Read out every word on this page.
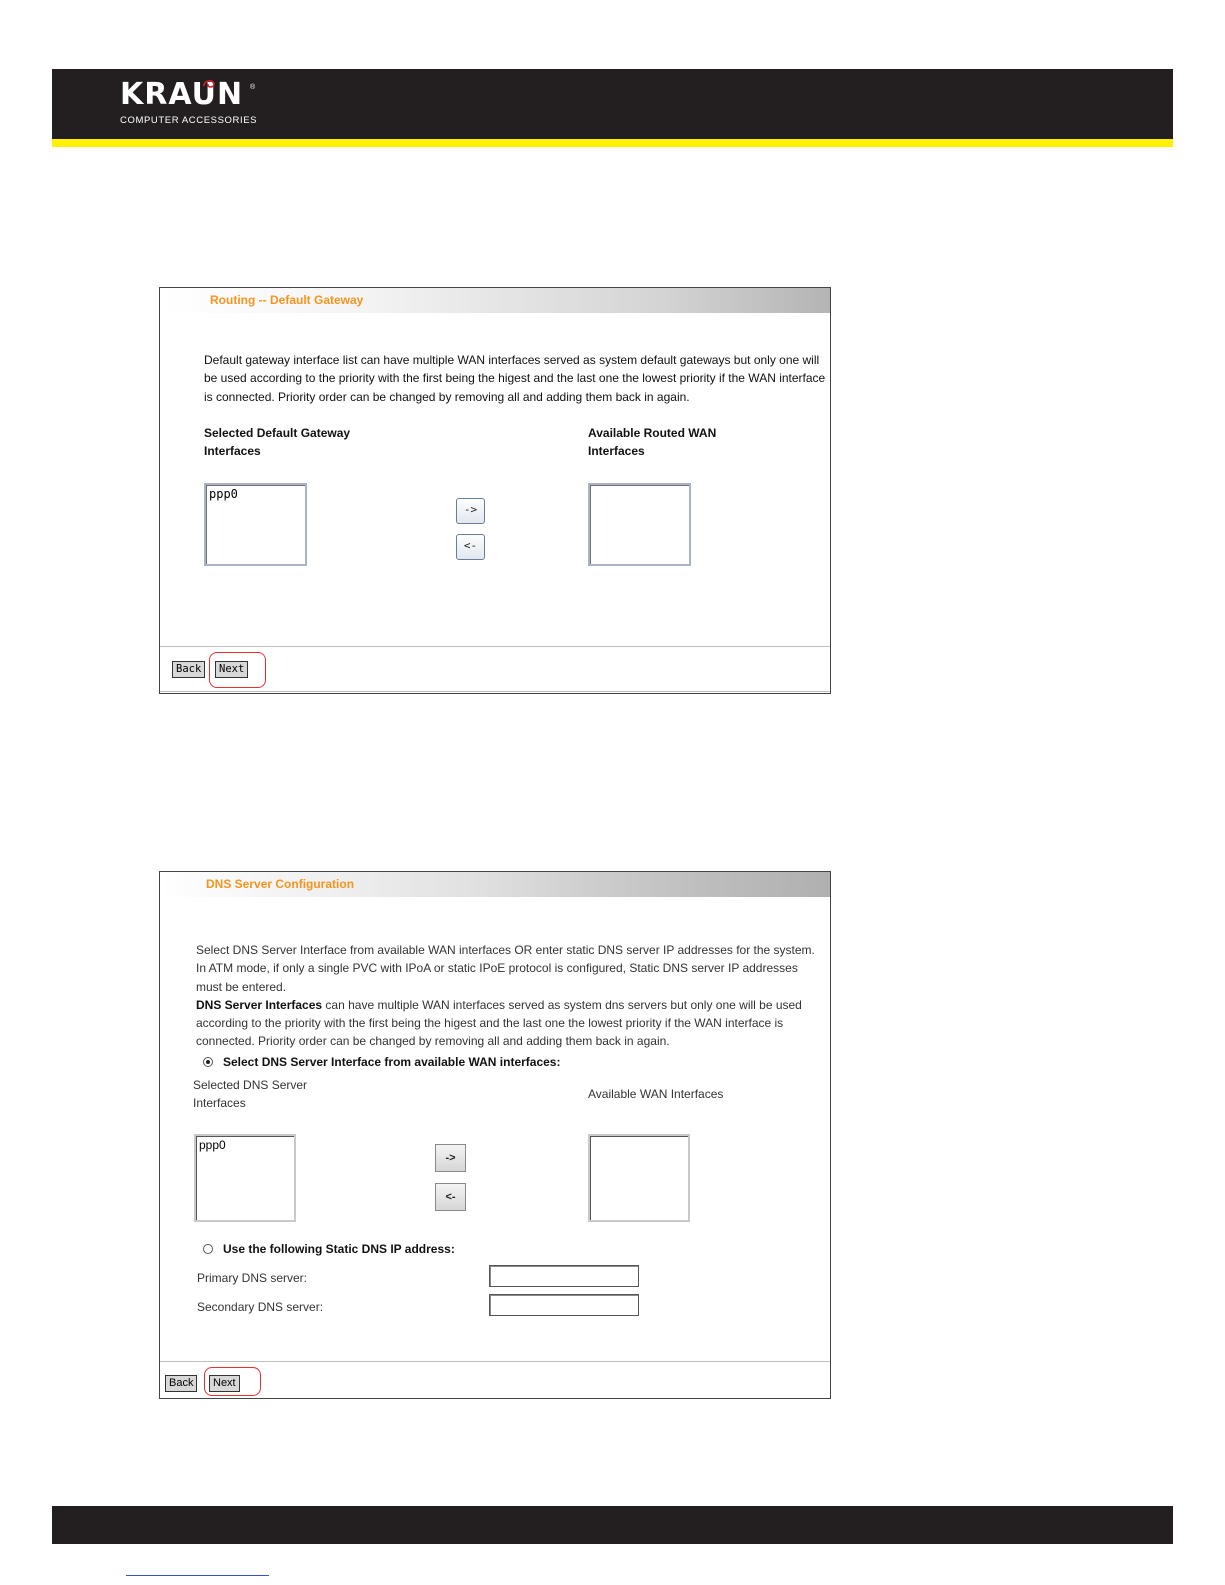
KRAUN
COMPUTER ACCESSORIES
®
Routing -- Default Gateway
Default gateway interface list can have multiple WAN interfaces served as system default gateways but only one will be used according to the priority with the first being the higest and the last one the lowest priority if the WAN interface is connected. Priority order can be changed by removing all and adding them back in again.
Selected Default Gateway
Interfaces
Available Routed WAN
Interfaces
ppp0
->
<-
Back	Next
DNS Server Configuration
Select DNS Server Interface from available WAN interfaces OR enter static DNS server IP addresses for the system. In ATM mode, if only a single PVC with IPoA or static IPoE protocol is configured, Static DNS server IP addresses must be entered.
DNS Server Interfaces can have multiple WAN interfaces served as system dns servers but only one will be used according to the priority with the first being the higest and the last one the lowest priority if the WAN interface is connected. Priority order can be changed by removing all and adding them back in again.
Select DNS Server Interface from available WAN interfaces:
Selected DNS Server
Interfaces
Available WAN Interfaces
ppp0
->
<-
Use the following Static DNS IP address:
Primary DNS server:
Secondary DNS server:
Back	Next
